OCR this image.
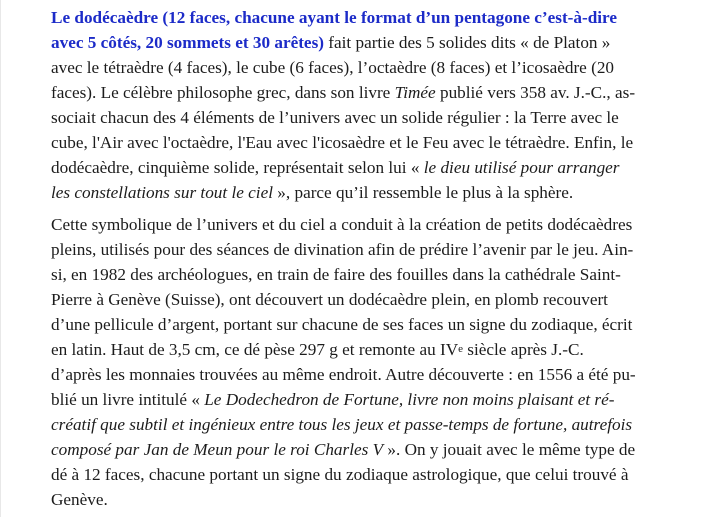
Le dodécaèdre (12 faces, chacune ayant le format d’un pentagone c’est-à-dire
avec 5 côtés, 20 sommets et 30 arêtes) fait partie des 5 solides dits « de Platon »
avec le tétraèdre (4 faces), le cube (6 faces), l’octaèdre (8 faces) et l’icosaèdre (20
faces). Le célèbre philosophe grec, dans son livre Timée publié vers 358 av. J.-C., as-
sociait chacun des 4 éléments de l’univers avec un solide régulier : la Terre avec le
cube, l'Air avec l'octaèdre, l'Eau avec l'icosaèdre et le Feu avec le tétraèdre. Enfin, le
dodécaèdre, cinquième solide, représentait selon lui « le dieu utilisé pour arranger
les constellations sur tout le ciel », parce qu’il ressemble le plus à la sphère.
Cette symbolique de l’univers et du ciel a conduit à la création de petits dodécaèdres
pleins, utilisés pour des séances de divination afin de prédire l’avenir par le jeu. Ain-
si, en 1982 des archéologues, en train de faire des fouilles dans la cathédrale Saint-
Pierre à Genève (Suisse), ont découvert un dodécaèdre plein, en plomb recouvert
d’une pellicule d’argent, portant sur chacune de ses faces un signe du zodiaque, écrit
en latin. Haut de 3,5 cm, ce dé pèse 297 g et remonte au IVe siècle après J.-C.
d’après les monnaies trouvées au même endroit. Autre découverte : en 1556 a été pu-
blié un livre intitulé « Le Dodechedron de Fortune, livre non moins plaisant et ré-
créatif que subtil et ingénieux entre tous les jeux et passe-temps de fortune, autrefois
composé par Jan de Meun pour le roi Charles V ». On y jouait avec le même type de
dé à 12 faces, chacune portant un signe du zodiaque astrologique, que celui trouvé à
Genève.
